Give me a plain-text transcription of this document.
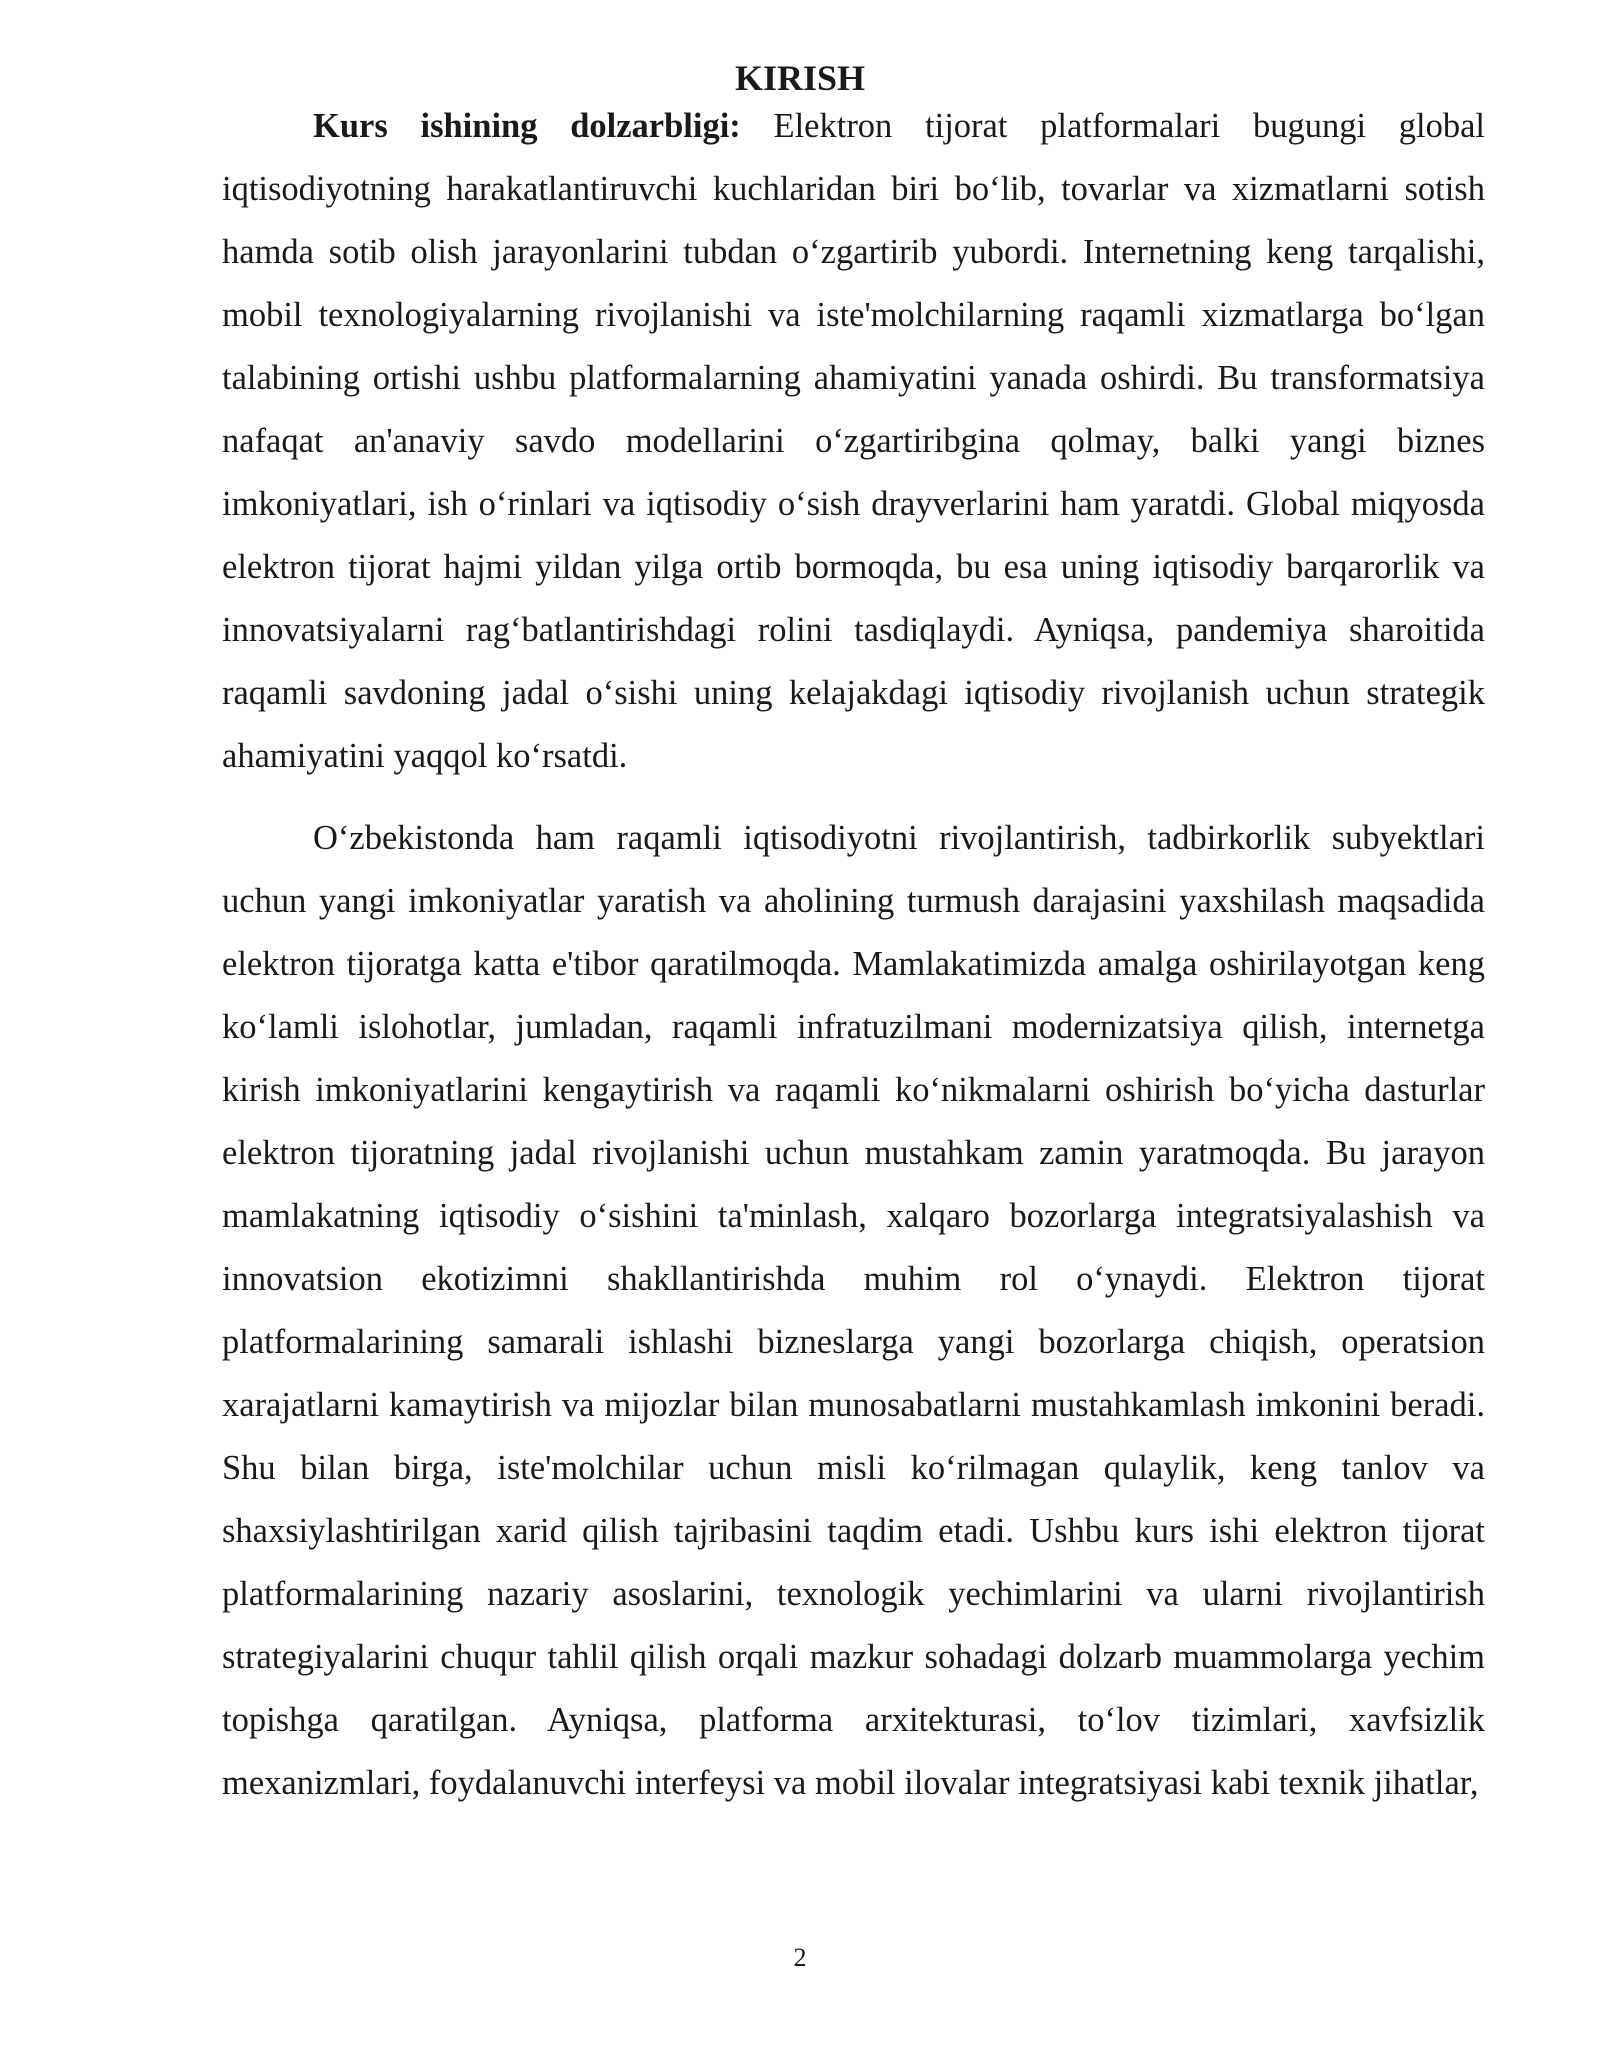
KIRISH

Kurs ishining dolzarbligi: Elektron tijorat platformalari bugungi global iqtisodiyotning harakatlantiruvchi kuchlaridan biri bo‘lib, tovarlar va xizmatlarni sotish hamda sotib olish jarayonlarini tubdan o‘zgartirib yubordi. Internetning keng tarqalishi, mobil texnologiyalarning rivojlanishi va iste'molchilarning raqamli xizmatlarga bo‘lgan talabining ortishi ushbu platformalarning ahamiyatini yanada oshirdi. Bu transformatsiya nafaqat an'anaviy savdo modellarini o‘zgartiribgina qolmay, balki yangi biznes imkoniyatlari, ish o‘rinlari va iqtisodiy o‘sish drayverlarini ham yaratdi. Global miqyosda elektron tijorat hajmi yildan yilga ortib bormoqda, bu esa uning iqtisodiy barqarorlik va innovatsiyalarni rag‘batlantirishdagi rolini tasdiqlaydi. Ayniqsa, pandemiya sharoitida raqamli savdoning jadal o‘sishi uning kelajakdagi iqtisodiy rivojlanish uchun strategik ahamiyatini yaqqol ko‘rsatdi.

O‘zbekistonda ham raqamli iqtisodiyotni rivojlantirish, tadbirkorlik subyektlari uchun yangi imkoniyatlar yaratish va aholining turmush darajasini yaxshilash maqsadida elektron tijoratga katta e'tibor qaratilmoqda. Mamlakatimizda amalga oshirilayotgan keng ko‘lamli islohotlar, jumladan, raqamli infratuzilmani modernizatsiya qilish, internetga kirish imkoniyatlarini kengaytirish va raqamli ko‘nikmalarni oshirish bo‘yicha dasturlar elektron tijoratning jadal rivojlanishi uchun mustahkam zamin yaratmoqda. Bu jarayon mamlakatning iqtisodiy o‘sishini ta'minlash, xalqaro bozorlarga integratsiyalashish va innovatsion ekotizimni shakllantirishda muhim rol o‘ynaydi. Elektron tijorat platformalarining samarali ishlashi bizneslarga yangi bozorlarga chiqish, operatsion xarajatlarni kamaytirish va mijozlar bilan munosabatlarni mustahkamlash imkonini beradi. Shu bilan birga, iste'molchilar uchun misli ko‘rilmagan qulaylik, keng tanlov va shaxsiylashtirilgan xarid qilish tajribasini taqdim etadi. Ushbu kurs ishi elektron tijorat platformalarining nazariy asoslarini, texnologik yechimlarini va ularni rivojlantirish strategiyalarini chuqur tahlil qilish orqali mazkur sohadagi dolzarb muammolarga yechim topishga qaratilgan. Ayniqsa, platforma arxitekturasi, to‘lov tizimlari, xavfsizlik mexanizmlari, foydalanuvchi interfeysi va mobil ilovalar integratsiyasi kabi texnik jihatlar,

2
